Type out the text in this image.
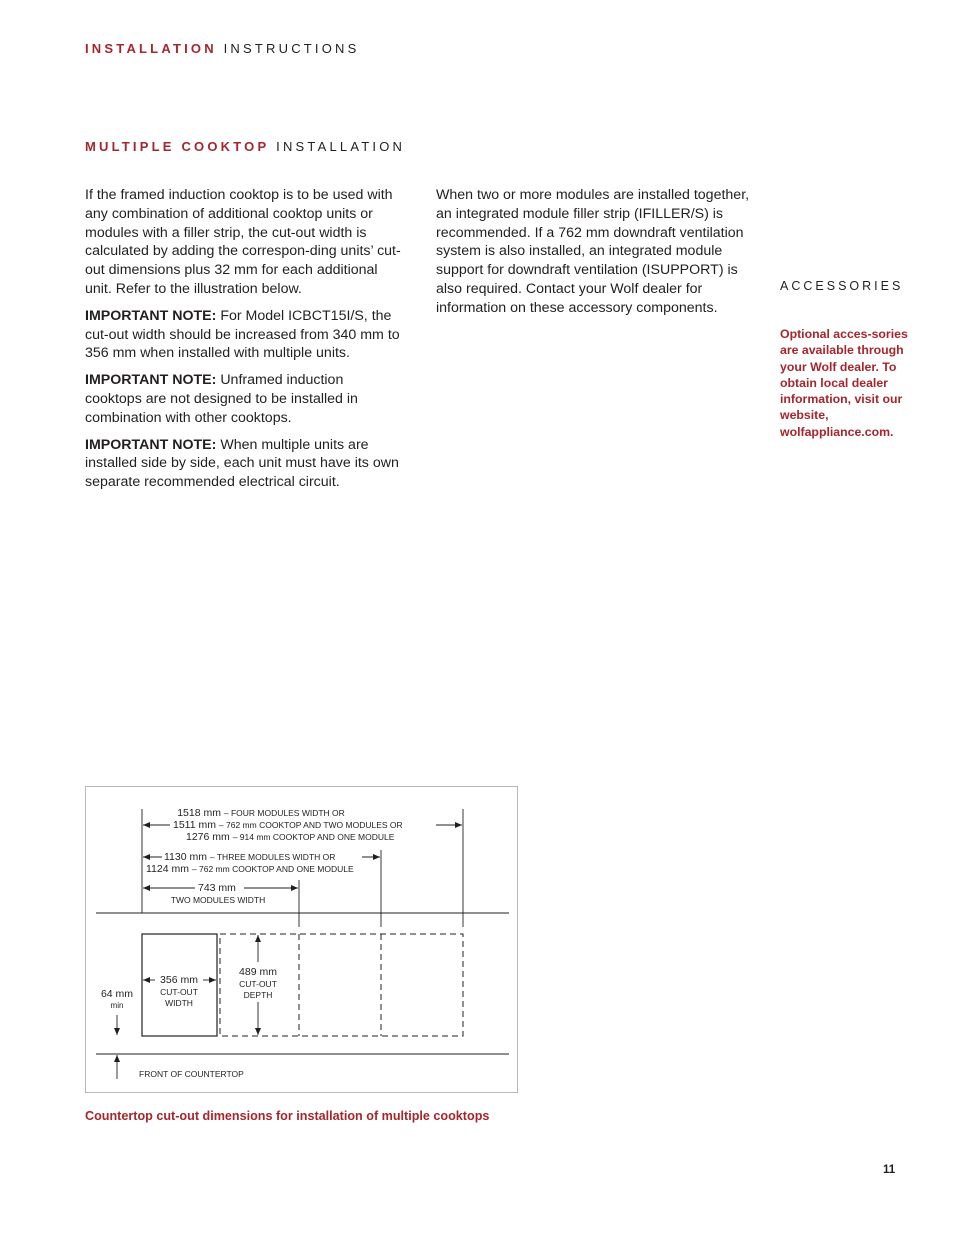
INSTALLATION INSTRUCTIONS
MULTIPLE COOKTOP INSTALLATION

If the framed induction cooktop is to be used with any combination of additional cooktop units or modules with a filler strip, the cut-out width is calculated by adding the correspon-ding units’ cut-out dimensions plus 32 mm for each additional unit. Refer to the illustration below.

IMPORTANT NOTE: For Model ICBCT15I/S, the cut-out width should be increased from 340 mm to 356 mm when installed with multiple units.

IMPORTANT NOTE: Unframed induction cooktops are not designed to be installed in combination with other cooktops.

IMPORTANT NOTE: When multiple units are installed side by side, each unit must have its own separate recommended electrical circuit.

When two or more modules are installed together, an integrated module filler strip (IFILLER/S) is recommended. If a 762 mm downdraft ventilation system is also installed, an integrated module support for downdraft ventilation (ISUPPORT) is also required. Contact your Wolf dealer for information on these accessory components.

ACCESSORIES
Optional acces-sories are available through your Wolf dealer. To obtain local dealer information, visit our website, wolfappliance.com.
1518 mm – FOUR MODULES WIDTH OR
1511 mm – 762 mm COOKTOP AND TWO MODULES OR
1276 mm – 914 mm COOKTOP AND ONE MODULE
1130 mm – THREE MODULES WIDTH OR
1124 mm – 762 mm COOKTOP AND ONE MODULE
743 mm
TWO MODULES WIDTH
356 mm
CUT-OUT
WIDTH
489 mm
CUT-OUT
DEPTH
64 mm
min
FRONT OF COUNTERTOP
Countertop cut-out dimensions for installation of multiple cooktops
11
